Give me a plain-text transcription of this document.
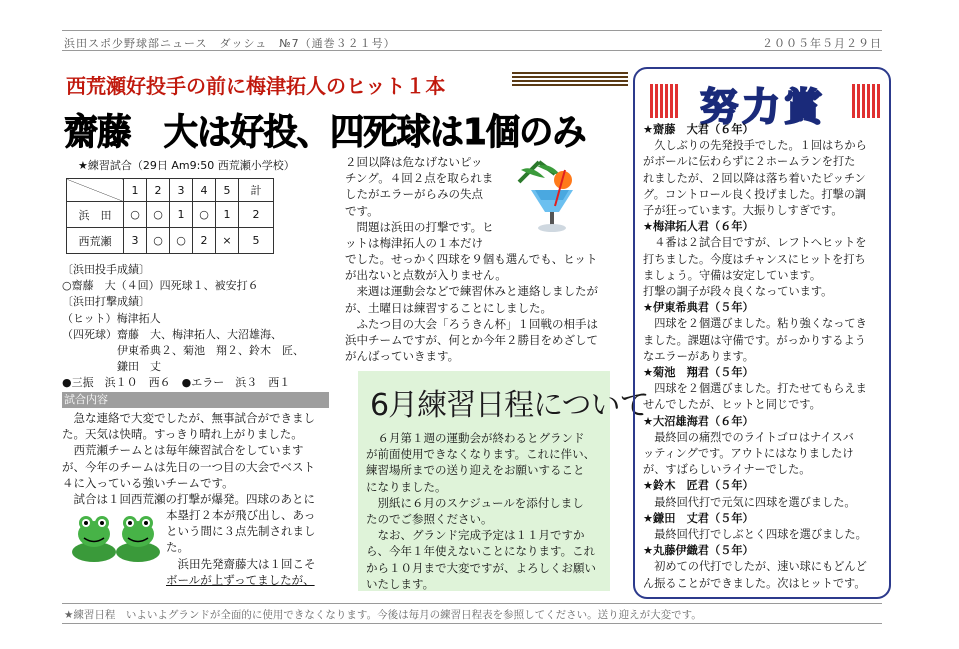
浜田スポ少野球部ニュース　ダッシュ　№7（通巻３２１号）	２００５年５月２９日
西荒瀬好投手の前に梅津拓人のヒット１本
齋藤　大は好投、四死球は1個のみ
★練習試合（29日 Am9:50 西荒瀬小学校）
	1	2	3	4	5	計
浜　田	○	○	1	○	1	2
西荒瀬	3	○	○	2	×	5
〔浜田投手成績〕
○齋藤　大（４回）四死球１、被安打６
〔浜田打撃成績〕
（ヒット）梅津拓人
（四死球）齋藤　大、梅津拓人、大沼雄海、
　　　　　伊東希典２、菊池　翔２、鈴木　匠、
　　　　　鎌田　丈
●三振　浜１０　西６　●エラー　浜３　西１
試合内容
　急な連絡で大変でしたが、無事試合ができまし
た。天気は快晴。すっきり晴れ上がりました。
　西荒瀬チームとは毎年練習試合をしています
が、今年のチームは先日の一つ目の大会でベスト
４に入っている強いチームです。
　試合は１回西荒瀬の打撃が爆発。四球のあとに
本塁打２本が飛び出し、あっ
という間に３点先制されまし
た。
　浜田先発齋藤大は１回こそ
ボールが上ずってましたが、
２回以降は危なげないピッ
チング。４回２点を取られま
したがエラーがらみの失点
です。
　問題は浜田の打撃です。ヒ
ットは梅津拓人の１本だけ
でした。せっかく四球を９個も選んでも、ヒット
が出ないと点数が入りません。
　来週は運動会などで練習休みと連絡しましたが
が、土曜日は練習することにしました。
　ふたつ目の大会「ろうきん杯」１回戦の相手は
浜中チームですが、何とか今年２勝目をめざして
がんばっていきます。
6月練習日程について
　６月第１週の運動会が終わるとグランド
が前面使用できなくなります。これに伴い、
練習場所までの送り迎えをお願いすること
になりました。
　別紙に６月のスケジュールを添付しまし
たのでご参照ください。
　なお、グランド完成予定は１１月ですか
ら、今年１年使えないことになります。これ
から１０月まで大変ですが、よろしくお願い
いたします。
努力賞

★齋藤　大君（６年）

　久しぶりの先発投手でした。１回はちから

がボールに伝わらずに２ホームランを打た

れましたが、２回以降は落ち着いたピッチン

グ。コントロール良く投げました。打撃の調

子が狂っています。大振りしすぎです。

★梅津拓人君（６年）

　４番は２試合目ですが、レフトへヒットを

打ちました。今度はチャンスにヒットを打ち

ましょう。守備は安定しています。

打撃の調子が段々良くなっています。

★伊東希典君（５年）

　四球を２個選びました。粘り強くなってき

ました。課題は守備です。がっかりするよう

なエラーがあります。

★菊池　翔君（５年）

　四球を２個選びました。打たせてもらえま

せんでしたが、ヒットと同じです。

★大沼雄海君（６年）

　最終回の痛烈でのライトゴロはナイスバ

ッティングです。アウトにはなりましたけ

が、すばらしいライナーでした。

★鈴木　匠君（５年）

　最終回代打で元気に四球を選びました。

★鎌田　丈君（５年）

　最終回代打でしぶとく四球を選びました。

★丸藤伊織君（５年）

　初めての代打でしたが、速い球にもどんど

ん振ることができました。次はヒットです。

★練習日程　いよいよグランドが全面的に使用できなくなります。今後は毎月の練習日程表を参照してください。送り迎えが大変です。
